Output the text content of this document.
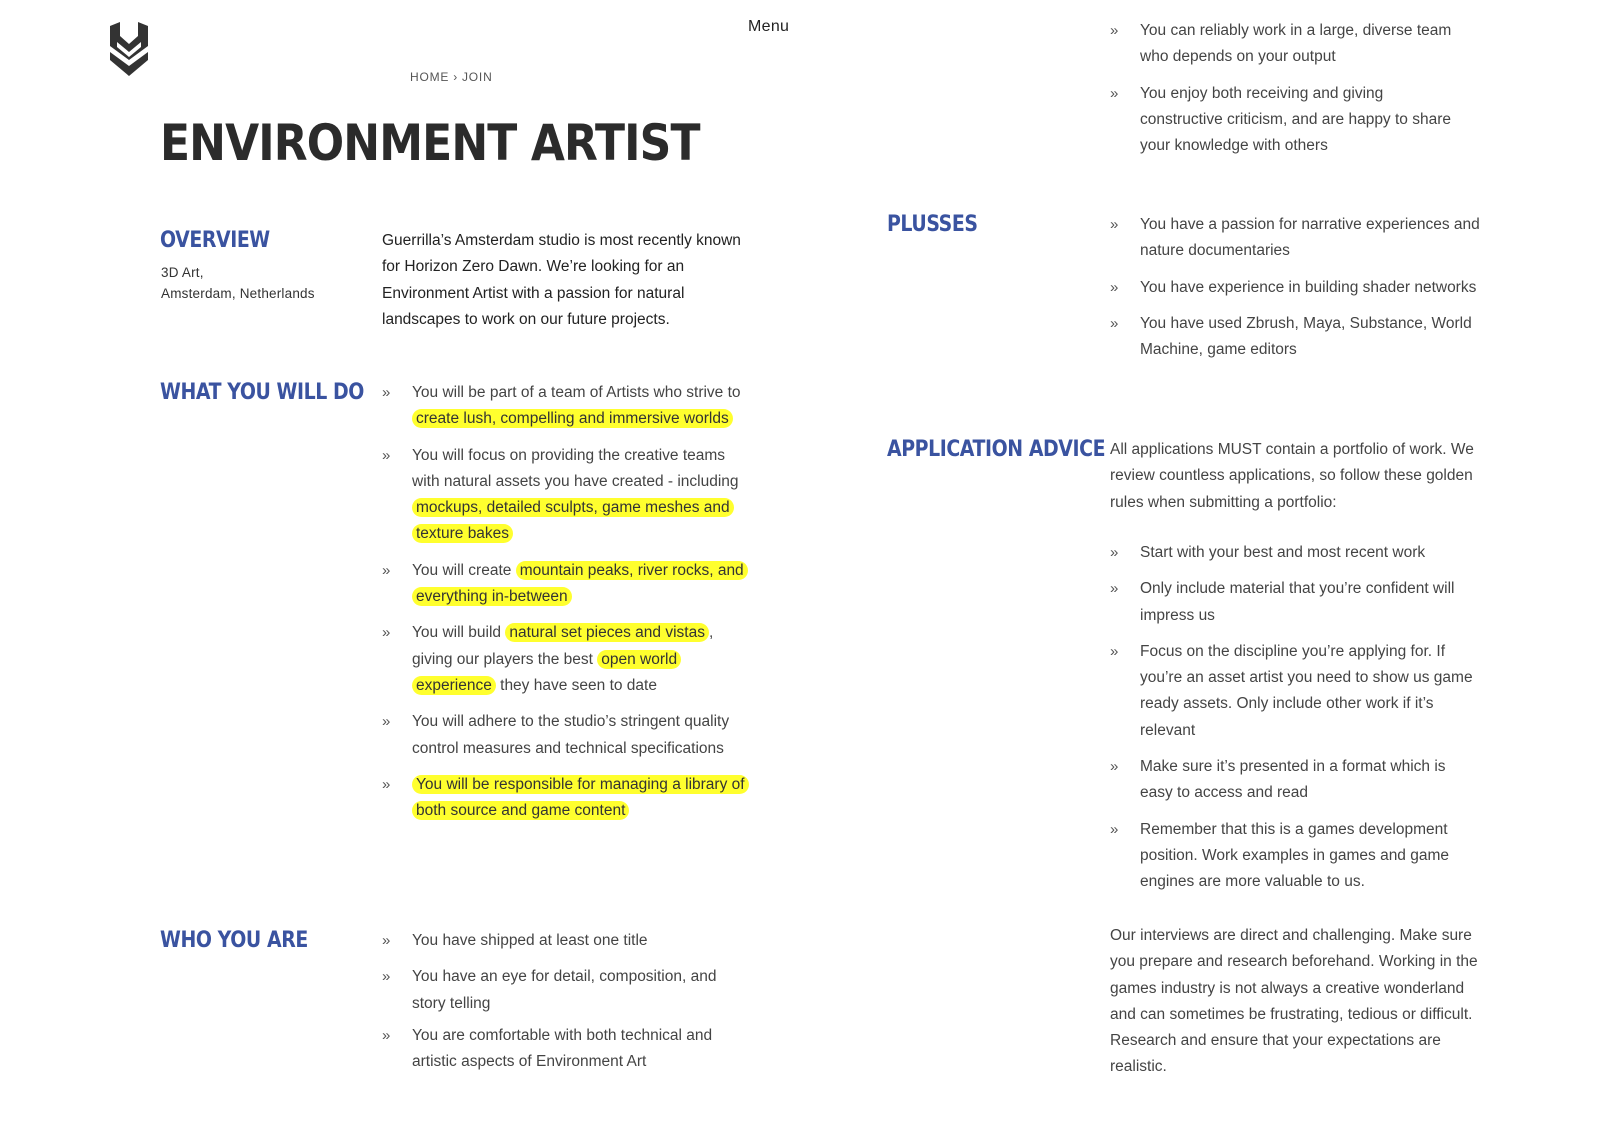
Menu
HOME › JOIN
ENVIRONMENT ARTIST
OVERVIEW
3D Art,
Amsterdam, Netherlands

Guerrilla’s Amsterdam studio is most recently known for Horizon Zero Dawn. We’re looking for an Environment Artist with a passion for natural landscapes to work on our future projects.

WHAT YOU WILL DO	» You will be part of a team of Artists who strive to create lush, compelling and immersive worlds
» You will focus on providing the creative teams with natural assets you have created - including mockups, detailed sculpts, game meshes and texture bakes
» You will create mountain peaks, river rocks, and everything in-between
» You will build natural set pieces and vistas , giving our players the best open world experience they have seen to date
» You will adhere to the studio’s stringent quality control measures and technical specifications
» You will be responsible for managing a library of both source and game content
WHO YOU ARE	» You have shipped at least one title
» You have an eye for detail, composition, and story telling
» You are comfortable with both technical and artistic aspects of Environment Art
» You can reliably work in a large, diverse team who depends on your output
» You enjoy both receiving and giving constructive criticism, and are happy to share your knowledge with others
PLUSSES	» You have a passion for narrative experiences and nature documentaries
» You have experience in building shader networks
» You have used Zbrush, Maya, Substance, World Machine, game editors
APPLICATION ADVICE All applications MUST contain a portfolio of work. We review countless applications, so follow these golden rules when submitting a portfolio:

» Start with your best and most recent work
» Only include material that you’re confident will impress us
» Focus on the discipline you’re applying for. If you’re an asset artist you need to show us game ready assets. Only include other work if it’s relevant
» Make sure it’s presented in a format which is easy to access and read
» Remember that this is a games development position. Work examples in games and game engines are more valuable to us.

Our interviews are direct and challenging. Make sure you prepare and research beforehand. Working in the games industry is not always a creative wonderland and can sometimes be frustrating, tedious or difficult. Research and ensure that your expectations are realistic.
